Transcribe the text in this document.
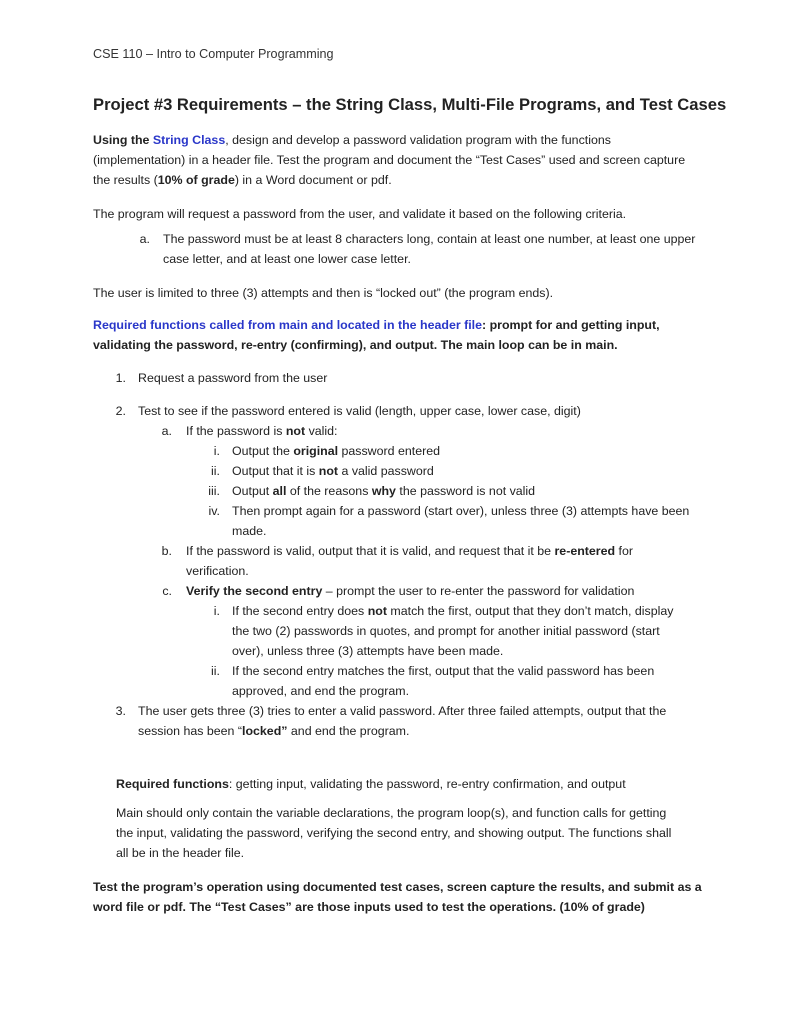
CSE 110 – Intro to Computer Programming
Project #3 Requirements – the String Class, Multi-File Programs, and Test Cases
Using the String Class, design and develop a password validation program with the functions (implementation) in a header file. Test the program and document the “Test Cases” used and screen capture the results (10% of grade) in a Word document or pdf.
The program will request a password from the user, and validate it based on the following criteria.
a. The password must be at least 8 characters long, contain at least one number, at least one upper case letter, and at least one lower case letter.
The user is limited to three (3) attempts and then is “locked out” (the program ends).
Required functions called from main and located in the header file: prompt for and getting input, validating the password, re-entry (confirming), and output. The main loop can be in main.
1. Request a password from the user
2. Test to see if the password entered is valid (length, upper case, lower case, digit)
a. If the password is not valid:
i. Output the original password entered
ii. Output that it is not a valid password
iii. Output all of the reasons why the password is not valid
iv. Then prompt again for a password (start over), unless three (3) attempts have been made.
b. If the password is valid, output that it is valid, and request that it be re-entered for verification.
c. Verify the second entry – prompt the user to re-enter the password for validation
i. If the second entry does not match the first, output that they don’t match, display the two (2) passwords in quotes, and prompt for another initial password (start over), unless three (3) attempts have been made.
ii. If the second entry matches the first, output that the valid password has been approved, and end the program.
3. The user gets three (3) tries to enter a valid password. After three failed attempts, output that the session has been “locked” and end the program.
Required functions: getting input, validating the password, re-entry confirmation, and output
Main should only contain the variable declarations, the program loop(s), and function calls for getting the input, validating the password, verifying the second entry, and showing output. The functions shall all be in the header file.
Test the program’s operation using documented test cases, screen capture the results, and submit as a word file or pdf. The “Test Cases” are those inputs used to test the operations. (10% of grade)
